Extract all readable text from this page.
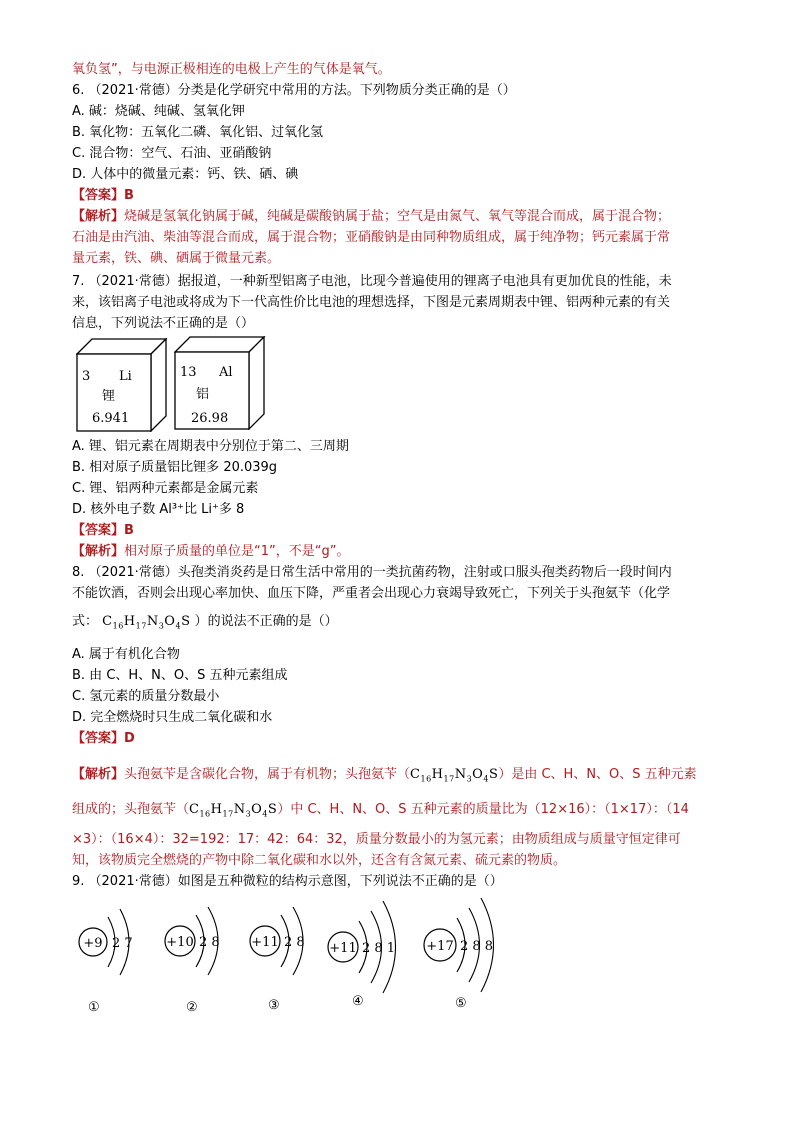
氧负氢”，与电源正极相连的电极上产生的气体是氧气。
6. （2021·常德）分类是化学研究中常用的方法。下列物质分类正确的是（）
A. 碱：烧碱、纯碱、氢氧化钾
B. 氧化物：五氧化二磷、氧化铝、过氧化氢
C. 混合物：空气、石油、亚硝酸钠
D. 人体中的微量元素：钙、铁、硒、碘
【答案】B
【解析】烧碱是氢氧化钠属于碱，纯碱是碳酸钠属于盐；空气是由氮气、氧气等混合而成，属于混合物；
石油是由汽油、柴油等混合而成，属于混合物；亚硝酸钠是由同种物质组成，属于纯净物；钙元素属于常
量元素，铁、碘、硒属于微量元素。
7. （2021·常德）据报道，一种新型铝离子电池，比现今普遍使用的锂离子电池具有更加优良的性能，未
来，该铝离子电池或将成为下一代高性价比电池的理想选择，下图是元素周期表中锂、铝两种元素的有关
信息，下列说法不正确的是（）
3 Li
锂
6.941
13 Al
铝
26.98
A. 锂、铝元素在周期表中分别位于第二、三周期
B. 相对原子质量铝比锂多 20.039g
C. 锂、铝两种元素都是金属元素
D. 核外电子数 Al³⁺比 Li⁺多 8
【答案】B
【解析】相对原子质量的单位是“1”，不是“g”。
8. （2021·常德）头孢类消炎药是日常生活中常用的一类抗菌药物，注射或口服头孢类药物后一段时间内
不能饮酒，否则会出现心率加快、血压下降，严重者会出现心力衰竭导致死亡，下列关于头孢氨苄（化学
式： $C_{16}H_{17}N_3O_4S$ ）的说法不正确的是（）
A. 属于有机化合物
B. 由 C、H、N、O、S 五种元素组成
C. 氢元素的质量分数最小
D. 完全燃烧时只生成二氧化碳和水
【答案】D
【解析】头孢氨苄是含碳化合物，属于有机物；头孢氨苄$(C_{16}H_{17}N_3O_4S)$是由 C、H、N、O、S 五种元素
组成的；头孢氨苄$(C_{16}H_{17}N_3O_4S)$中 C、H、N、O、S 五种元素的质量比为（12×16）：（1×17）：（14
×3）：（16×4）：32=192：17：42：64：32，质量分数最小的为氢元素；由物质组成与质量守恒定律可
知，该物质完全燃烧的产物中除二氧化碳和水以外，还含有含氮元素、硫元素的物质。
9. （2021·常德）如图是五种微粒的结构示意图，下列说法不正确的是（）
+9 2 7
①
+10 2 8
②
+11 2 8
③
+11 2 8 1
④
+17 2 8 8
⑤
